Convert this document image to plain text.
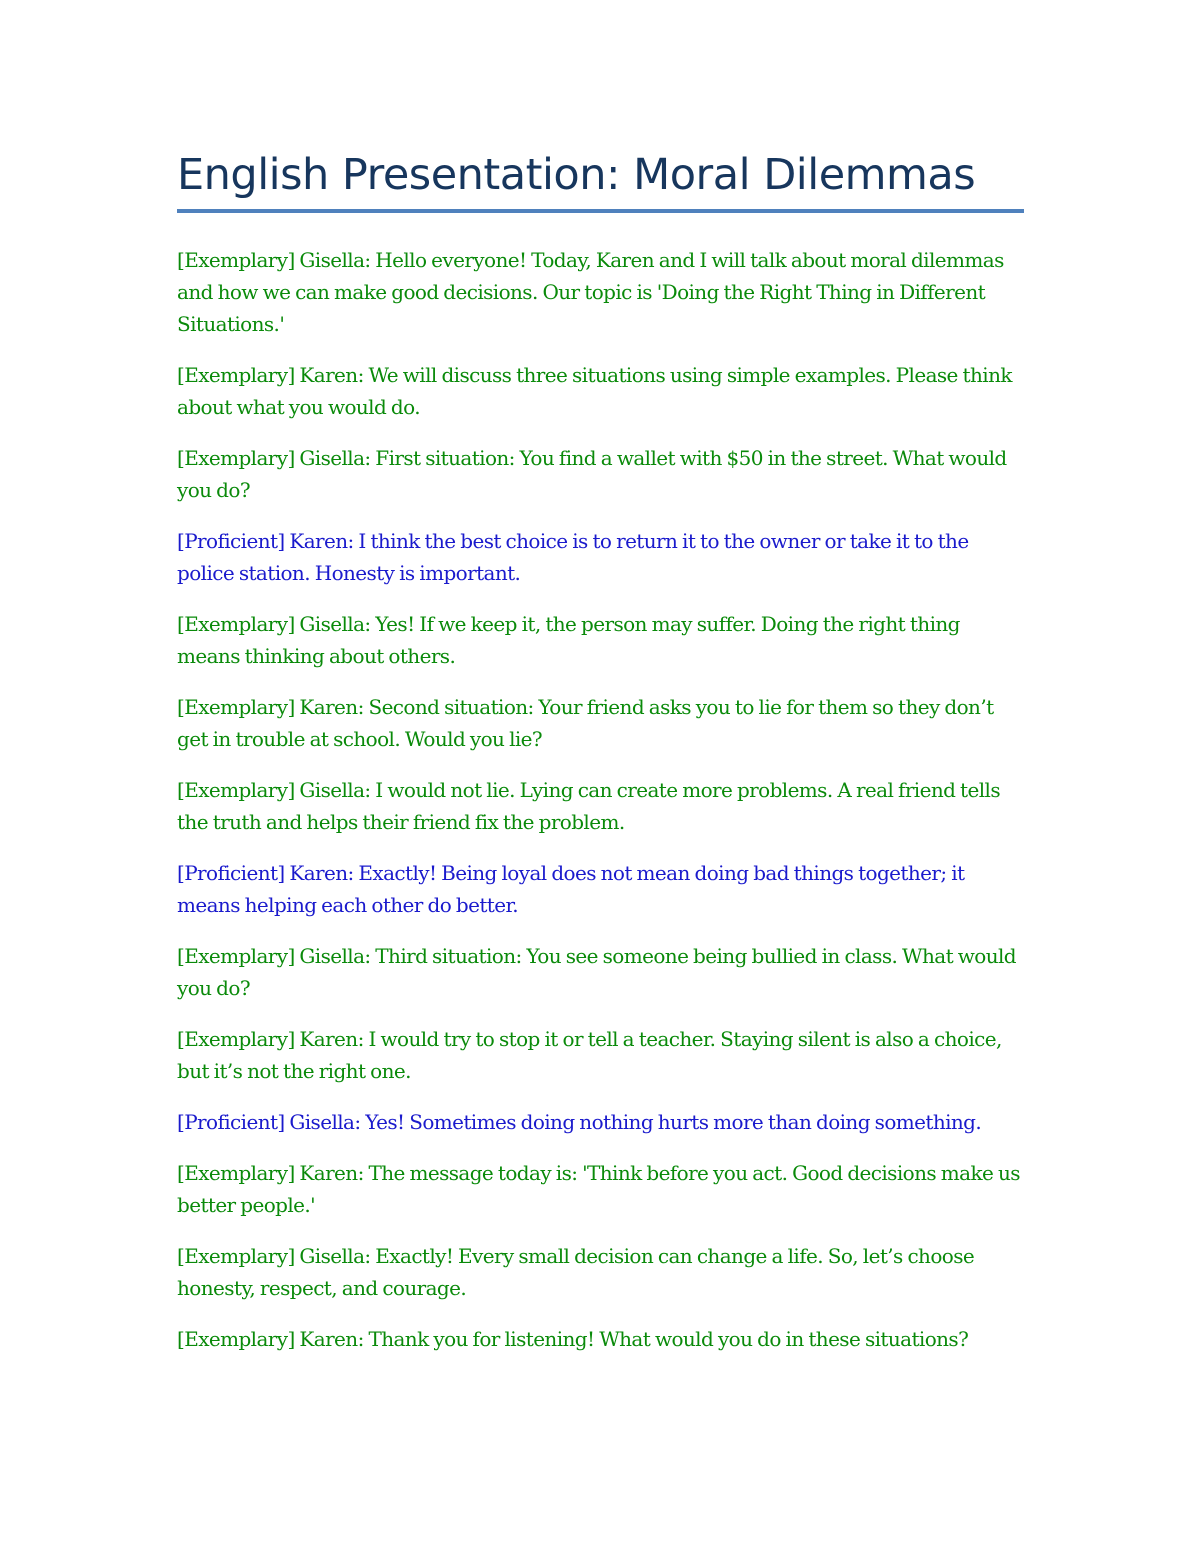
English Presentation: Moral Dilemmas

[Exemplary] Gisella: Hello everyone! Today, Karen and I will talk about moral dilemmas and how we can make good decisions. Our topic is 'Doing the Right Thing in Different Situations.'

[Exemplary] Karen: We will discuss three situations using simple examples. Please think about what you would do.

[Exemplary] Gisella: First situation: You find a wallet with $50 in the street. What would you do?

[Proficient] Karen: I think the best choice is to return it to the owner or take it to the police station. Honesty is important.

[Exemplary] Gisella: Yes! If we keep it, the person may suffer. Doing the right thing means thinking about others.

[Exemplary] Karen: Second situation: Your friend asks you to lie for them so they don’t get in trouble at school. Would you lie?

[Exemplary] Gisella: I would not lie. Lying can create more problems. A real friend tells the truth and helps their friend fix the problem.

[Proficient] Karen: Exactly! Being loyal does not mean doing bad things together; it means helping each other do better.

[Exemplary] Gisella: Third situation: You see someone being bullied in class. What would you do?

[Exemplary] Karen: I would try to stop it or tell a teacher. Staying silent is also a choice, but it’s not the right one.

[Proficient] Gisella: Yes! Sometimes doing nothing hurts more than doing something.

[Exemplary] Karen: The message today is: 'Think before you act. Good decisions make us better people.'

[Exemplary] Gisella: Exactly! Every small decision can change a life. So, let’s choose honesty, respect, and courage.

[Exemplary] Karen: Thank you for listening! What would you do in these situations?
